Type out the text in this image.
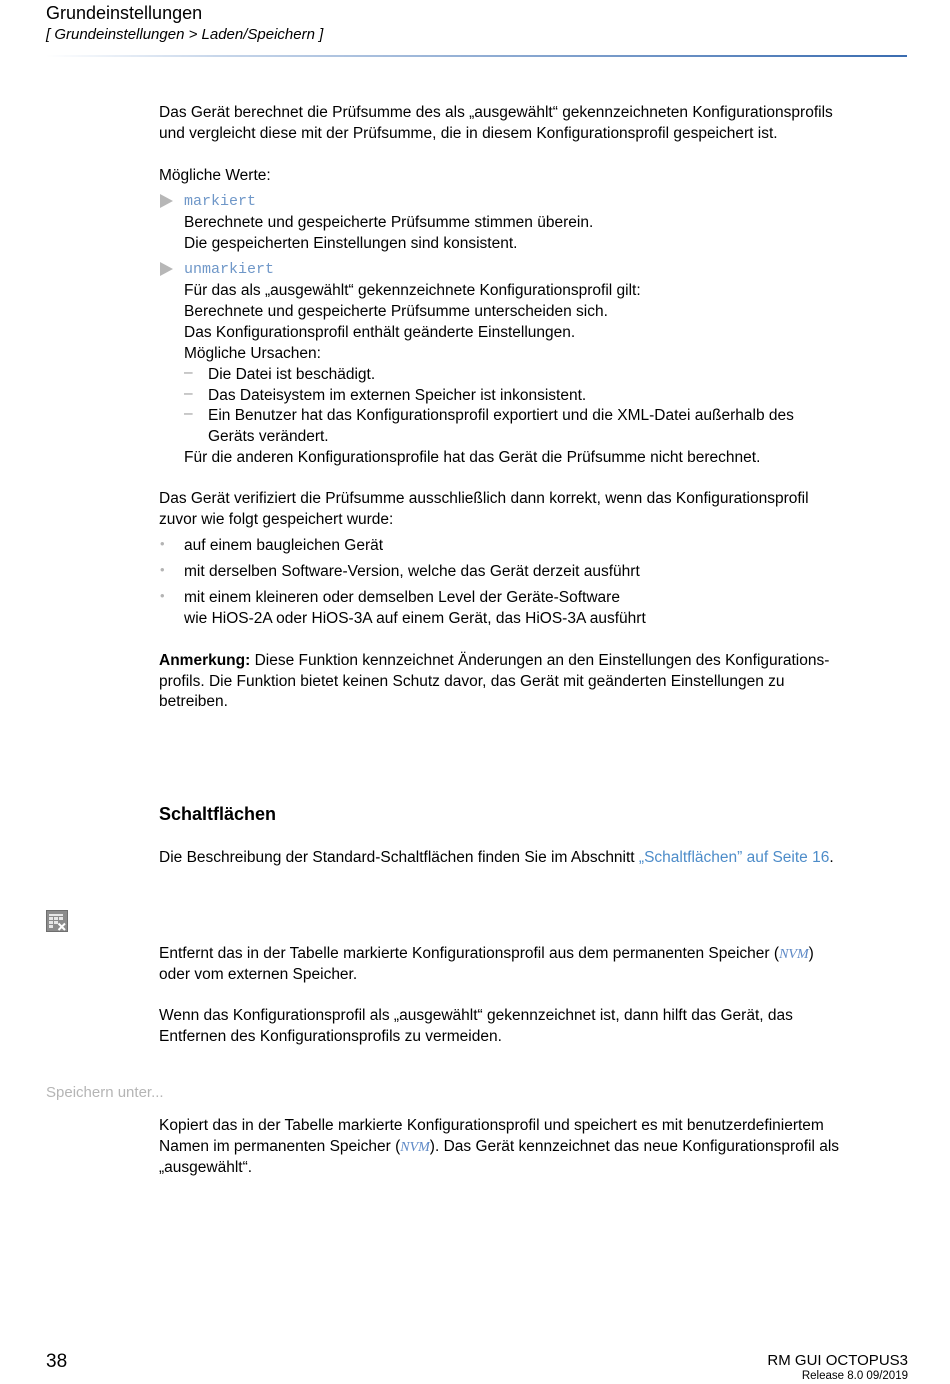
Grundeinstellungen
[ Grundeinstellungen > Laden/Speichern ]

Das Gerät berechnet die Prüfsumme des als „ausgewählt“ gekennzeichneten Konfigurationsprofils

und vergleicht diese mit der Prüfsumme, die in diesem Konfigurationsprofil gespeichert ist.

Mögliche Werte:

markiert

Berechnete und gespeicherte Prüfsumme stimmen überein.

Die gespeicherten Einstellungen sind konsistent.

unmarkiert

Für das als „ausgewählt“ gekennzeichnete Konfigurationsprofil gilt:

Berechnete und gespeicherte Prüfsumme unterscheiden sich.

Das Konfigurationsprofil enthält geänderte Einstellungen.

Mögliche Ursachen:

– Die Datei ist beschädigt.

– Das Dateisystem im externen Speicher ist inkonsistent.

– Ein Benutzer hat das Konfigurationsprofil exportiert und die XML-Datei außerhalb des

Geräts verändert.

Für die anderen Konfigurationsprofile hat das Gerät die Prüfsumme nicht berechnet.

Das Gerät verifiziert die Prüfsumme ausschließlich dann korrekt, wenn das Konfigurationsprofil

zuvor wie folgt gespeichert wurde:

• auf einem baugleichen Gerät

• mit derselben Software-Version, welche das Gerät derzeit ausführt

• mit einem kleineren oder demselben Level der Geräte-Software

wie HiOS-2A oder HiOS-3A auf einem Gerät, das HiOS-3A ausführt

Anmerkung: Diese Funktion kennzeichnet Änderungen an den Einstellungen des Konfigurations-

profils. Die Funktion bietet keinen Schutz davor, das Gerät mit geänderten Einstellungen zu

betreiben.

Schaltflächen

Die Beschreibung der Standard-Schaltflächen finden Sie im Abschnitt „Schaltflächen” auf Seite 16.

Entfernt das in der Tabelle markierte Konfigurationsprofil aus dem permanenten Speicher (NVM)

oder vom externen Speicher.

Wenn das Konfigurationsprofil als „ausgewählt“ gekennzeichnet ist, dann hilft das Gerät, das

Entfernen des Konfigurationsprofils zu vermeiden.

Speichern unter...

Kopiert das in der Tabelle markierte Konfigurationsprofil und speichert es mit benutzerdefiniertem

Namen im permanenten Speicher (NVM). Das Gerät kennzeichnet das neue Konfigurationsprofil als

„ausgewählt“.

38	RM GUI OCTOPUS3
Release 8.0 09/2019
